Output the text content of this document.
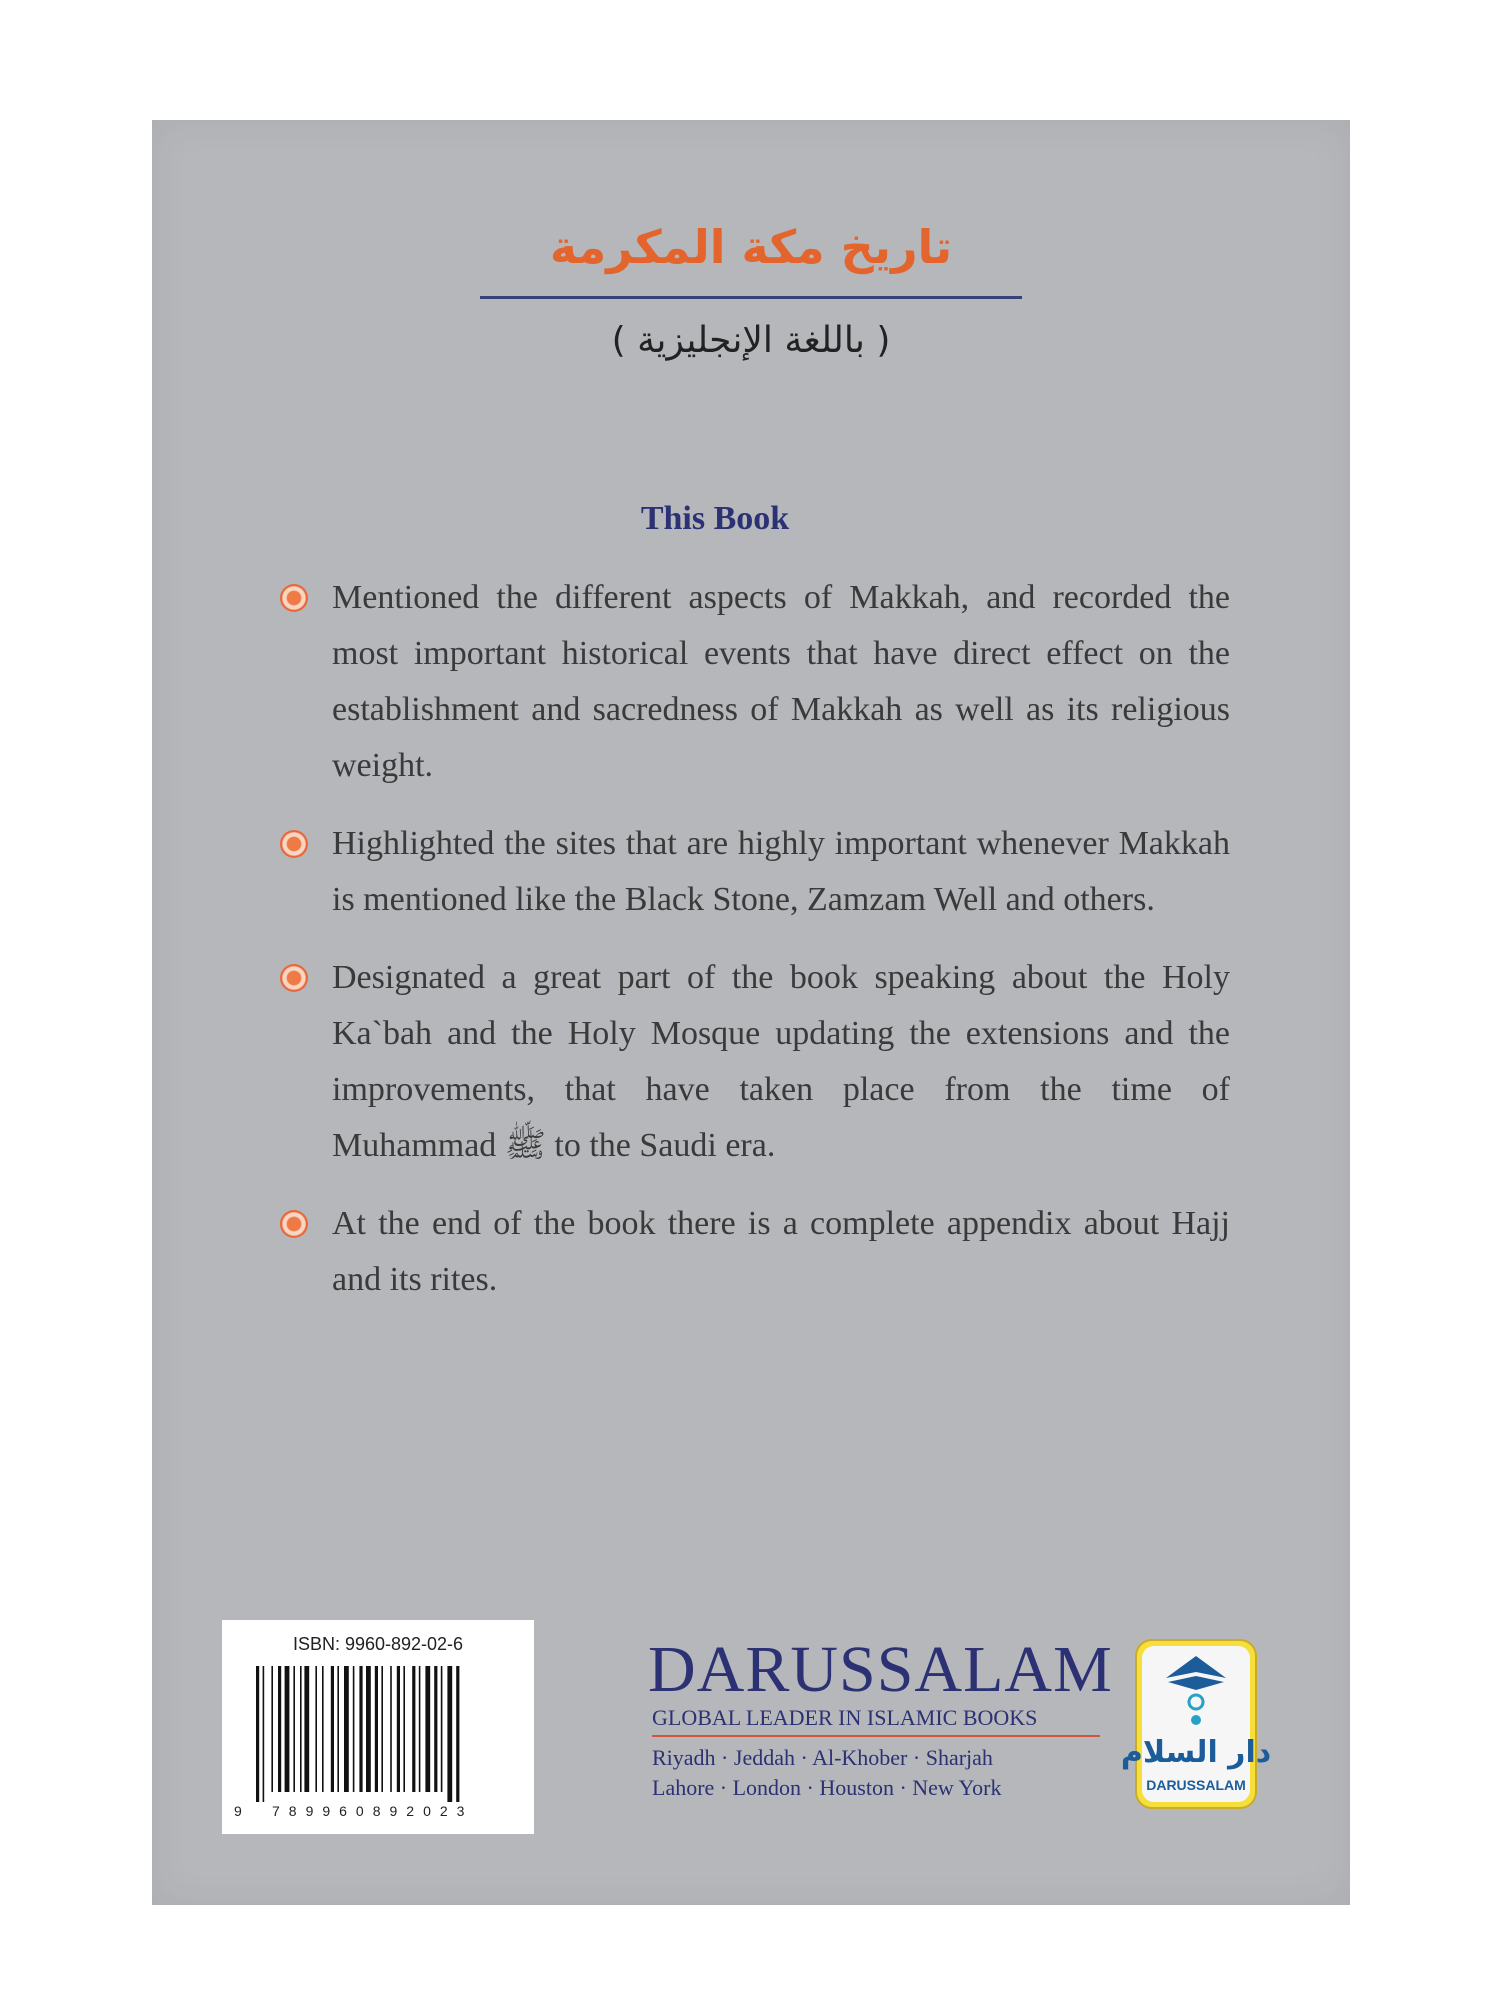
تاريخ مكة المكرمة
( باللغة الإنجليزية )
This Book
Mentioned the different aspects of Makkah, and recorded the most important historical events that have direct effect on the establishment and sacredness of Makkah as well as its religious weight.
Highlighted the sites that are highly important whenever Makkah is mentioned like the Black Stone, Zamzam Well and others.
Designated a great part of the book speaking about the Holy Ka`bah and the Holy Mosque updating the extensions and the improvements, that have taken place from the time of Muhammad ﷺ to the Saudi era.
At the end of the book there is a complete appendix about Hajj and its rites.
ISBN: 9960-892-02-6
9 789960892023
DARUSSALAM
GLOBAL LEADER IN ISLAMIC BOOKS
Riyadh · Jeddah · Al-Khober · Sharjah
Lahore · London · Houston · New York
دار السلام
DARUSSALAM
